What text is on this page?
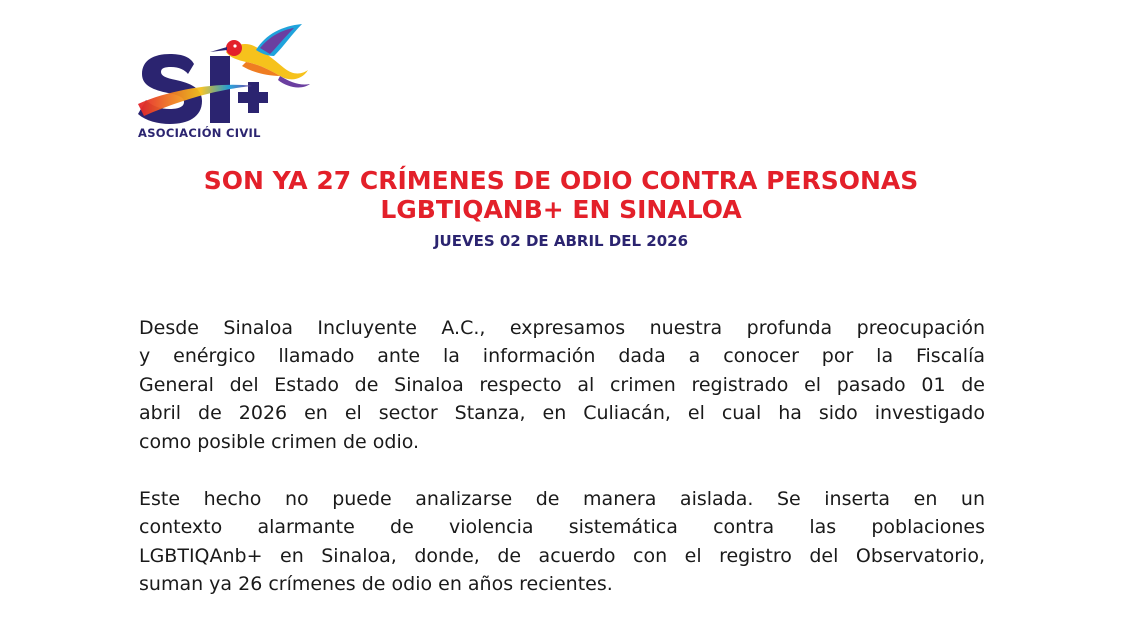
ASOCIACIÓN CIVIL
SON YA 27 CRÍMENES DE ODIO CONTRA PERSONAS
LGBTIQANB+ EN SINALOA
JUEVES 02 DE ABRIL DEL 2026

Desde Sinaloa Incluyente A.C., expresamos nuestra profunda preocupación
y enérgico llamado ante la información dada a conocer por la Fiscalía
General del Estado de Sinaloa respecto al crimen registrado el pasado 01 de
abril de 2026 en el sector Stanza, en Culiacán, el cual ha sido investigado
como posible crimen de odio.

Este hecho no puede analizarse de manera aislada. Se inserta en un
contexto alarmante de violencia sistemática contra las poblaciones
LGBTIQAnb+ en Sinaloa, donde, de acuerdo con el registro del Observatorio,
suman ya 26 crímenes de odio en años recientes.
